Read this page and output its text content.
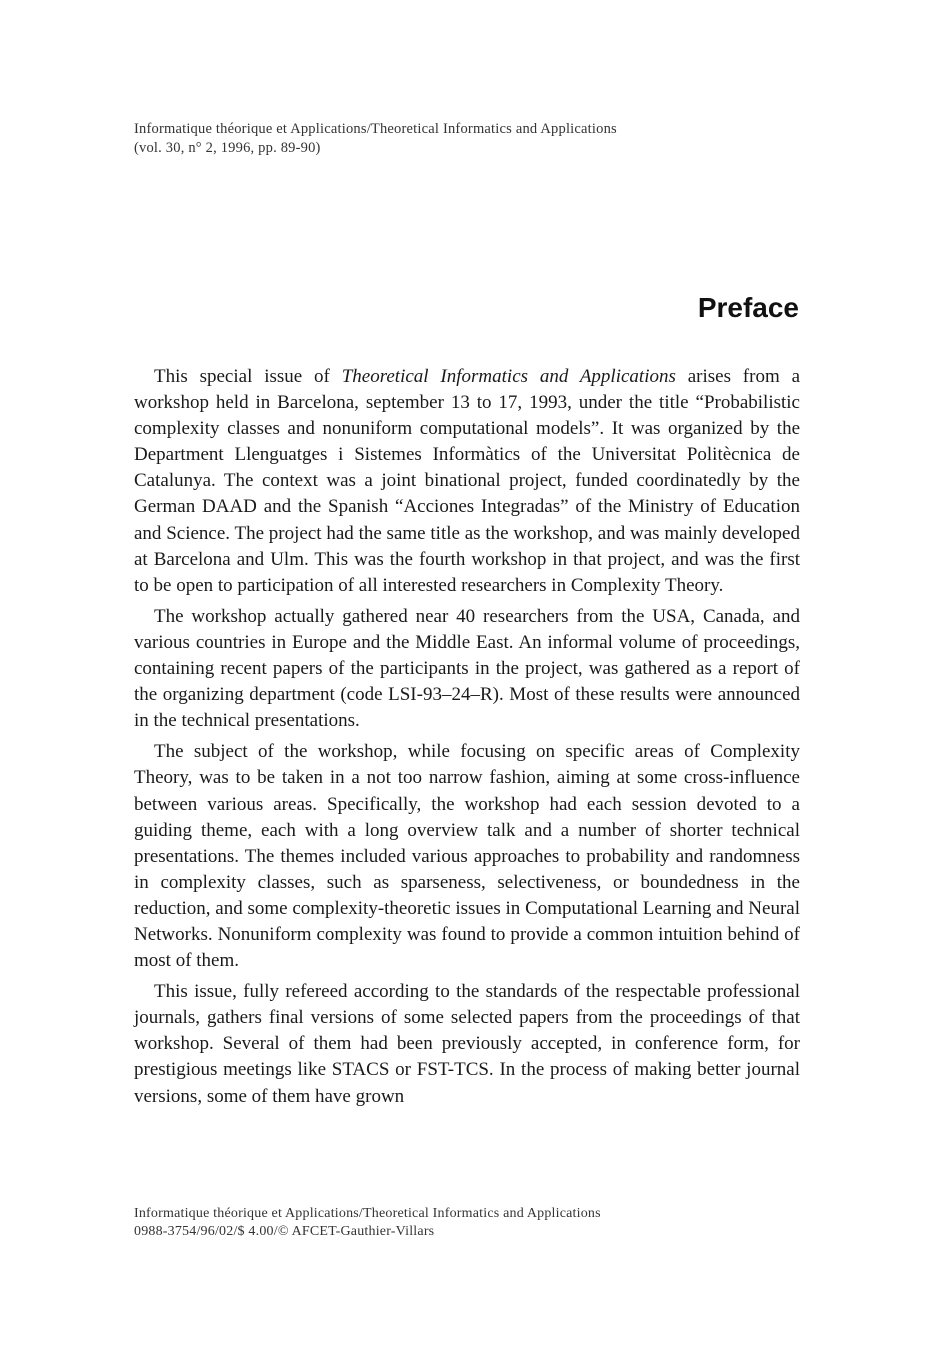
Informatique théorique et Applications/Theoretical Informatics and Applications
(vol. 30, n° 2, 1996, pp. 89-90)
Preface

This special issue of Theoretical Informatics and Applications arises from a workshop held in Barcelona, september 13 to 17, 1993, under the title “Probabilistic complexity classes and nonuniform computational models”. It was organized by the Department Llenguatges i Sistemes Informàtics of the Universitat Politècnica de Catalunya. The context was a joint binational project, funded coordinatedly by the German DAAD and the Spanish “Acciones Integradas” of the Ministry of Education and Science. The project had the same title as the workshop, and was mainly developed at Barcelona and Ulm. This was the fourth workshop in that project, and was the first to be open to participation of all interested researchers in Complexity Theory.

The workshop actually gathered near 40 researchers from the USA, Canada, and various countries in Europe and the Middle East. An informal volume of proceedings, containing recent papers of the participants in the project, was gathered as a report of the organizing department (code LSI-93–24–R). Most of these results were announced in the technical presentations.

The subject of the workshop, while focusing on specific areas of Complexity Theory, was to be taken in a not too narrow fashion, aiming at some cross-influence between various areas. Specifically, the workshop had each session devoted to a guiding theme, each with a long overview talk and a number of shorter technical presentations. The themes included various approaches to probability and randomness in complexity classes, such as sparseness, selectiveness, or boundedness in the reduction, and some complexity-theoretic issues in Computational Learning and Neural Networks. Nonuniform complexity was found to provide a common intuition behind of most of them.

This issue, fully refereed according to the standards of the respectable professional journals, gathers final versions of some selected papers from the proceedings of that workshop. Several of them had been previously accepted, in conference form, for prestigious meetings like STACS or FST-TCS. In the process of making better journal versions, some of them have grown

Informatique théorique et Applications/Theoretical Informatics and Applications
0988-3754/96/02/$ 4.00/© AFCET-Gauthier-Villars
